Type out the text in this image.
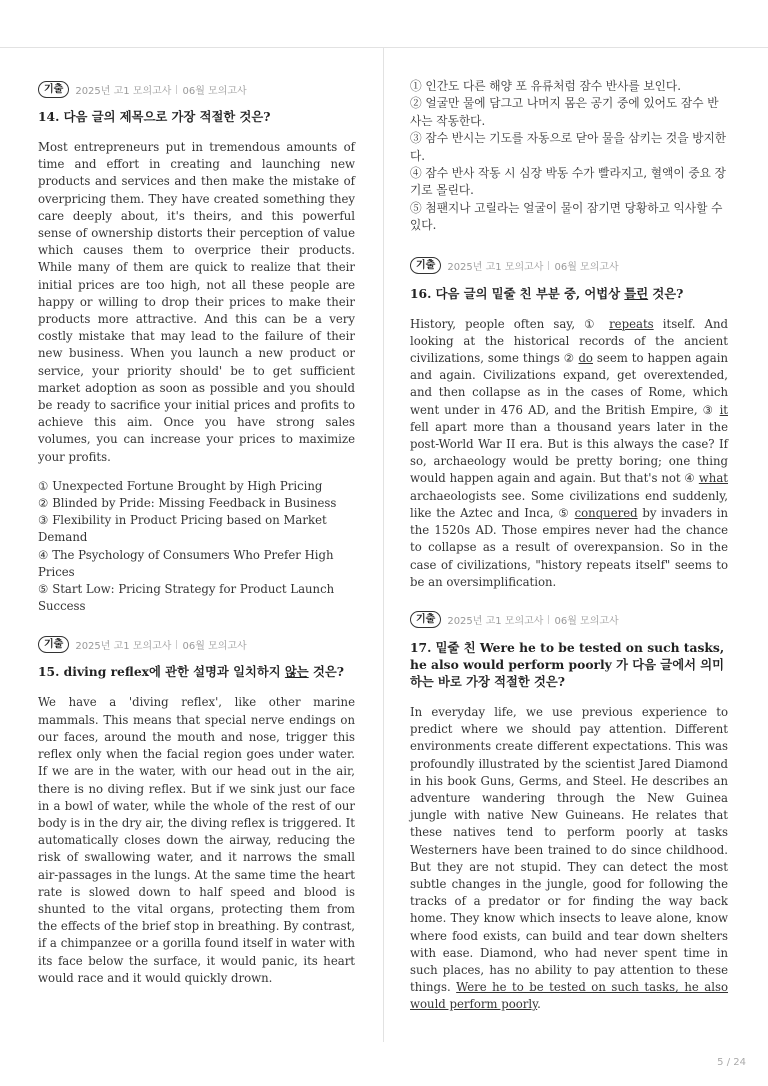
기출	2025년 고1 모의고사 06월 모의고사
14. 다음 글의 제목으로 가장 적절한 것은?

Most entrepreneurs put in tremendous amounts of time and effort in creating and launching new products and services and then make the mistake of overpricing them. They have created something they care deeply about, it's theirs, and this powerful sense of ownership distorts their perception of value which causes them to overprice their products. While many of them are quick to realize that their initial prices are too high, not all these people are happy or willing to drop their prices to make their products more attractive. And this can be a very costly mistake that may lead to the failure of their new business. When you launch a new product or service, your priority should' be to get sufficient market adoption as soon as possible and you should be ready to sacrifice your initial prices and profits to achieve this aim. Once you have strong sales volumes, you can increase your prices to maximize your profits.

① Unexpected Fortune Brought by High Pricing
② Blinded by Pride: Missing Feedback in Business
③ Flexibility in Product Pricing based on Market Demand
④ The Psychology of Consumers Who Prefer High Prices
⑤ Start Low: Pricing Strategy for Product Launch Success
기출	2025년 고1 모의고사 06월 모의고사
15. diving reflex에 관한 설명과 일치하지 않는 것은?

We have a 'diving reflex', like other marine mammals. This means that special nerve endings on our faces, around the mouth and nose, trigger this reflex only when the facial region goes under water. If we are in the water, with our head out in the air, there is no diving reflex. But if we sink just our face in a bowl of water, while the whole of the rest of our body is in the dry air, the diving reflex is triggered. It automatically closes down the airway, reducing the risk of swallowing water, and it narrows the small air-passages in the lungs. At the same time the heart rate is slowed down to half speed and blood is shunted to the vital organs, protecting them from the effects of the brief stop in breathing. By contrast, if a chimpanzee or a gorilla found itself in water with its face below the surface, it would panic, its heart would race and it would quickly drown.

① 인간도 다른 해양 포 유류처럼 잠수 반사를 보인다.
② 얼굴만 물에 담그고 나머지 몸은 공기 중에 있어도 잠수 반사는 작동한다.
③ 잠수 반시는 기도를 자동으로 닫아 물을 삼키는 것을 방지한다.
④ 잠수 반사 작동 시 심장 박동 수가 빨라지고, 혈액이 중요 장기로 몰린다.
⑤ 첨팬지나 고릴라는 얼굴이 물이 잠기면 당황하고 익사할 수 있다.
기출	2025년 고1 모의고사 06월 모의고사
16. 다음 글의 밑줄 친 부분 중, 어법상 틀린 것은?

History, people often say, ① repeats itself. And looking at the historical records of the ancient civilizations, some things ② do seem to happen again and again. Civilizations expand, get overextended, and then collapse as in the cases of Rome, which went under in 476 AD, and the British Empire, ③ it fell apart more than a thousand years later in the post-World War II era. But is this always the case? If so, archaeology would be pretty boring; one thing would happen again and again. But that's not ④ what archaeologists see. Some civilizations end suddenly, like the Aztec and Inca, ⑤ conquered by invaders in the 1520s AD. Those empires never had the chance to collapse as a result of overexpansion. So in the case of civilizations, "history repeats itself" seems to be an oversimplification.

기출	2025년 고1 모의고사 06월 모의고사
17. 밑줄 친 Were he to be tested on such tasks, he also would perform poorly 가 다음 글에서 의미하는 바로 가장 적절한 것은?

In everyday life, we use previous experience to predict where we should pay attention. Different environments create different expectations. This was profoundly illustrated by the scientist Jared Diamond in his book Guns, Germs, and Steel. He describes an adventure wandering through the New Guinea jungle with native New Guineans. He relates that these natives tend to perform poorly at tasks Westerners have been trained to do since childhood. But they are not stupid. They can detect the most subtle changes in the jungle, good for following the tracks of a predator or for finding the way back home. They know which insects to leave alone, know where food exists, can build and tear down shelters with ease. Diamond, who had never spent time in such places, has no ability to pay attention to these things. Were he to be tested on such tasks, he also would perform poorly.

5 / 24
